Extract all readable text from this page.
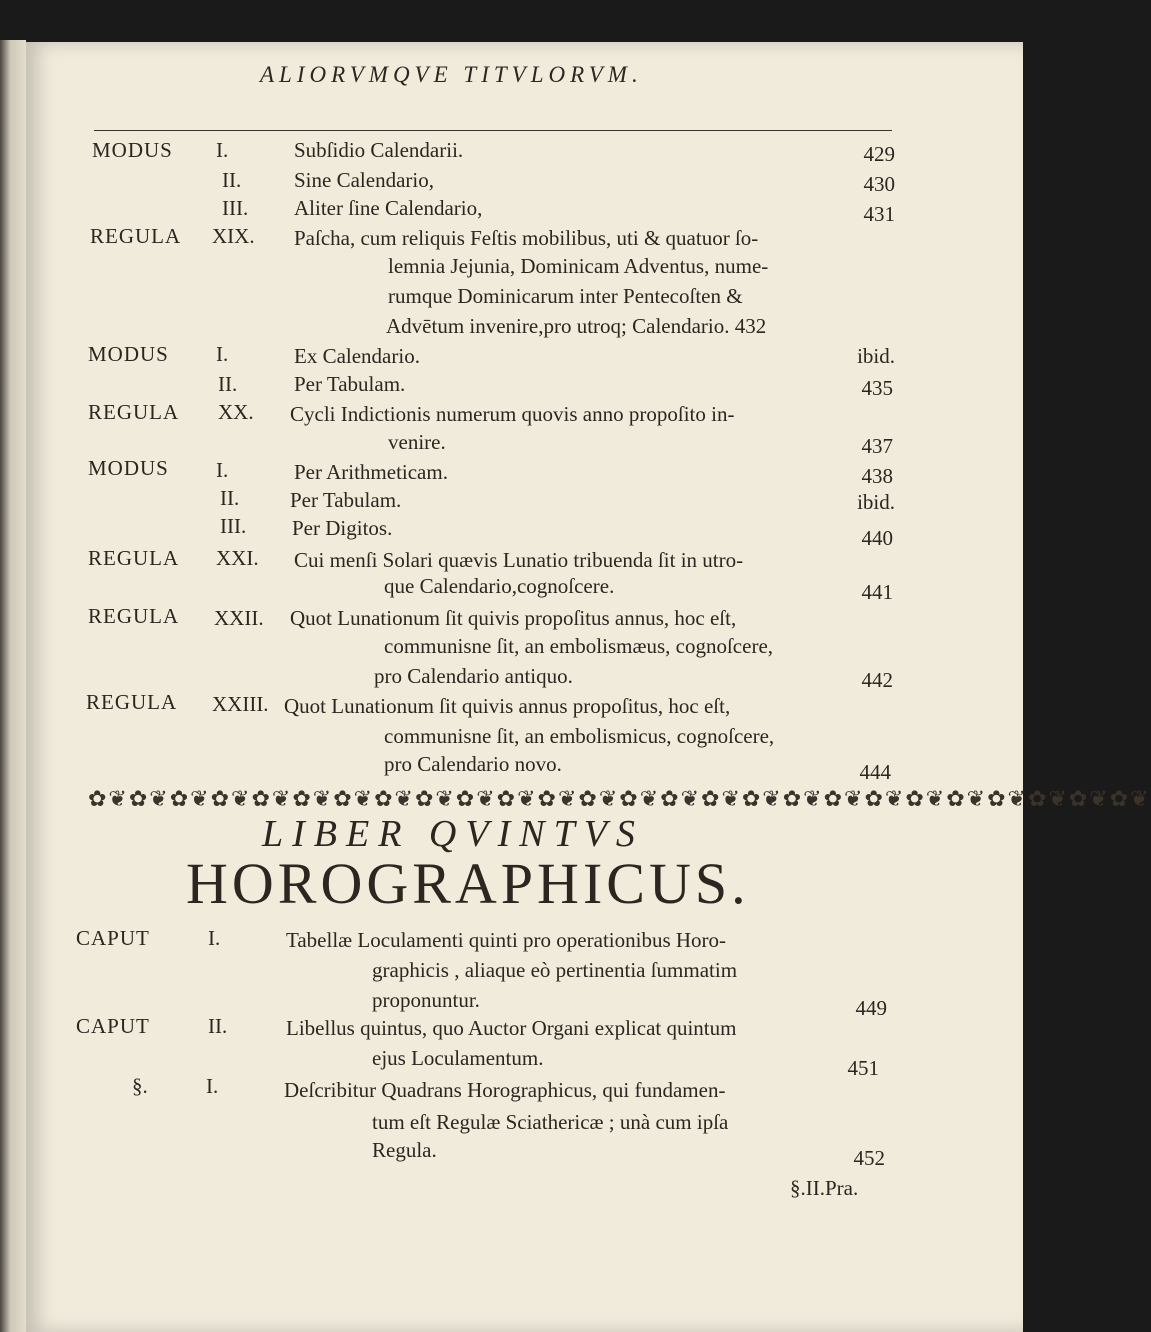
ALIORVMQVE TITVLORVM.
MODUS I.	Subſidio Calendarii.	429
II.	Sine Calendario,	430
III. Aliter ſine Calendario,	431
REGULA XIX. Paſcha, cum reliquis Feſtis mobilibus, uti & quatuor ſo-
lemnia Jejunia, Dominicam Adventus, nume-
rumque Dominicarum inter Pentecoſten &
Advētum invenire,pro utroq; Calendario. 432
MODUS I.	Ex Calendario.	ibid.
II.	Per Tabulam.	435
REGULA XX. Cycli Indictionis numerum quovis anno propoſito in-
venire.	437
MODUS I.	Per Arithmeticam.	438
II. Per Tabulam.	ibid.
III. Per Digitos.	440
REGULA XXI. Cui menſi Solari quævis Lunatio tribuenda ſit in utro-
que Calendario,cognoſcere.	441
REGULA XXII. Quot Lunationum ſit quivis propoſitus annus, hoc eſt,
communisne ſit, an embolismæus, cognoſcere,
pro Calendario antiquo.	442
REGULA XXIII. Quot Lunationum ſit quivis annus propoſitus, hoc eſt,
communisne ſit, an embolismicus, cognoſcere,
pro Calendario novo.	444
✿❦✿❦✿❦✿❦✿❦✿❦✿❦✿❦✿❦✿❦✿❦✿❦✿❦✿❦✿❦✿❦✿❦✿❦✿❦✿❦✿❦✿❦✿❦✿❦✿❦✿❦
LIBER QVINTVS
HOROGRAPHICUS.
CAPUT	I.	Tabellæ Loculamenti quinti pro operationibus Horo-
graphicis , aliaque eò pertinentia ſummatim
proponuntur.	449
CAPUT	II.	Libellus quintus, quo Auctor Organi explicat quintum
ejus Loculamentum.	451
§.	I.	Deſcribitur Quadrans Horographicus, qui fundamen-
tum eſt Regulæ Sciathericæ ; unà cum ipſa
Regula.	452
§.II.Pra.
